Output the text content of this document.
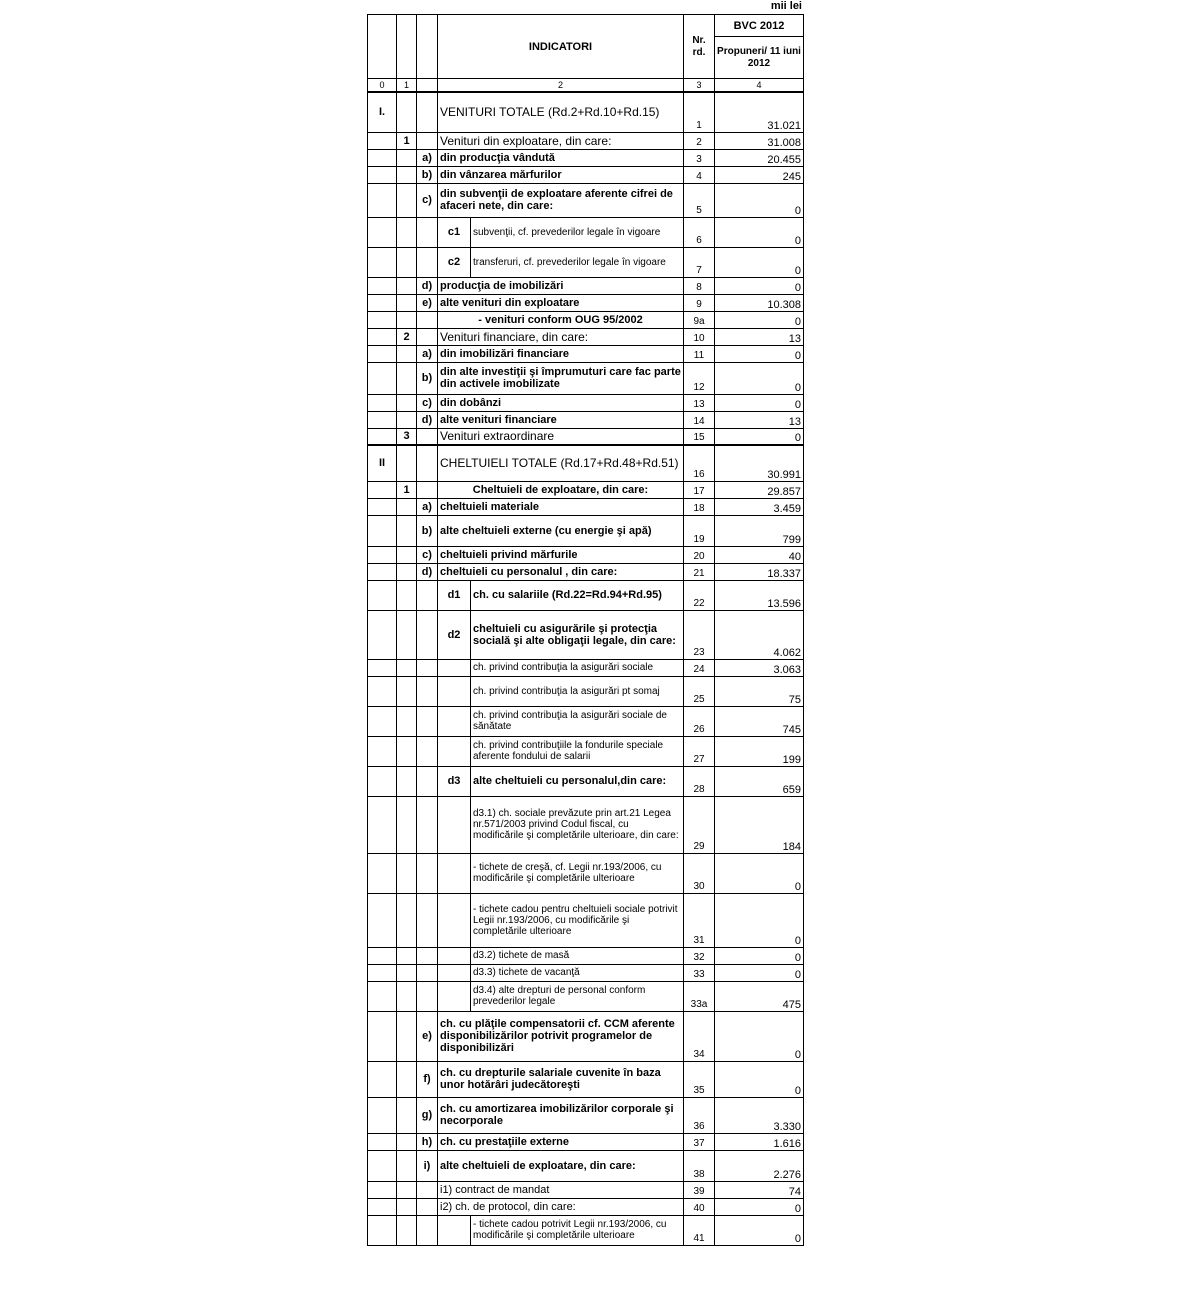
mii lei
			INDICATORI		Nr. rd.	BVC 2012
						Propuneri/ 11 iuni 2012
0	1		2		3	4
I.			VENITURI TOTALE (Rd.2+Rd.10+Rd.15)		1	31.021
	1		Venituri din exploatare, din care:		2	31.008
		a)	din producţia vândută		3	20.455
		b)	din vânzarea mărfurilor		4	245
		c)	din subvenţii de exploatare aferente cifrei de afaceri nete, din care:		5	0
			c1	subvenţii, cf. prevederilor legale în vigoare	6	0
			c2	transferuri, cf. prevederilor legale în vigoare	7	0
		d)	producţia de imobilizări		8	0
		e)	alte venituri din exploatare		9	10.308
			- venituri conform OUG 95/2002		9a	0
	2		Venituri financiare, din care:		10	13
		a)	din imobilizări financiare		11	0
		b)	din alte investiţii şi împrumuturi care fac parte din activele imobilizate		12	0
		c)	din dobânzi		13	0
		d)	alte venituri financiare		14	13
	3		Venituri extraordinare		15	0
II			CHELTUIELI TOTALE (Rd.17+Rd.48+Rd.51)		16	30.991
	1		Cheltuieli de exploatare, din care:		17	29.857
		a)	cheltuieli materiale		18	3.459
		b)	alte cheltuieli externe (cu energie şi apă)		19	799
		c)	cheltuieli privind mărfurile		20	40
		d)	cheltuieli cu personalul , din care:		21	18.337
			d1	ch. cu salariile (Rd.22=Rd.94+Rd.95)	22	13.596
			d2	cheltuieli cu asigurările şi protecţia socială şi alte obligaţii legale, din care:	23	4.062
				ch. privind contribuţia la asigurări sociale	24	3.063
				ch. privind contribuţia la asigurări pt somaj	25	75
				ch. privind contribuţia la asigurări sociale de sănătate	26	745
				ch. privind contribuţiile la fondurile speciale aferente fondului de salarii	27	199
			d3	alte cheltuieli cu personalul,din care:	28	659
				d3.1) ch. sociale prevăzute prin art.21 Legea nr.571/2003 privind Codul fiscal, cu modificările şi completările ulterioare, din care:	29	184
				- tichete de creşă, cf. Legii nr.193/2006, cu modificările şi completările ulterioare	30	0
				- tichete cadou pentru cheltuieli sociale potrivit Legii nr.193/2006, cu modificările şi completările ulterioare	31	0
				d3.2) tichete de masă	32	0
				d3.3) tichete de vacanţă	33	0
				d3.4) alte drepturi de personal conform prevederilor legale	33a	475
		e)	ch. cu plăţile compensatorii cf. CCM aferente disponibilizărilor potrivit programelor de disponibilizări		34	0
		f)	ch. cu drepturile salariale cuvenite în baza unor hotărâri judecătoreşti		35	0
		g)	ch. cu amortizarea imobilizărilor corporale şi necorporale		36	3.330
		h)	ch. cu prestaţiile externe		37	1.616
		i)	alte cheltuieli de exploatare, din care:		38	2.276
			i1) contract de mandat		39	74
			i2) ch. de protocol, din care:		40	0
				- tichete cadou potrivit Legii nr.193/2006, cu modificările şi completările ulterioare	41	0
